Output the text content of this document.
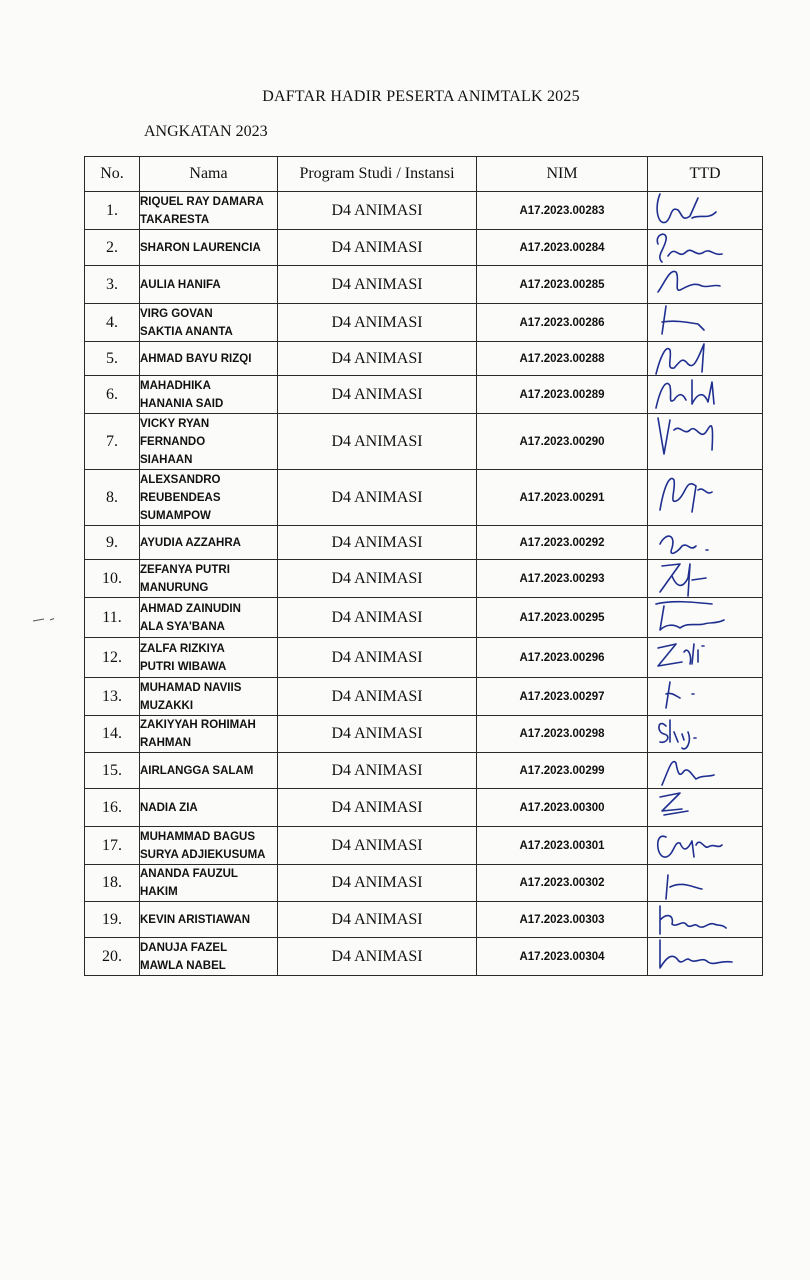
DAFTAR HADIR PESERTA ANIMTALK 2025
ANGKATAN 2023
No.	Nama	Program Studi / Instansi	NIM	TTD
1.	RIQUEL RAY DAMARA
TAKARESTA	D4 ANIMASI	A17.2023.00283	

2.	SHARON LAURENCIA	D4 ANIMASI	A17.2023.00284	

3.	AULIA HANIFA	D4 ANIMASI	A17.2023.00285	

4.	VIRG GOVAN
SAKTIA ANANTA	D4 ANIMASI	A17.2023.00286	

5.	AHMAD BAYU RIZQI	D4 ANIMASI	A17.2023.00288	

6.	MAHADHIKA
HANANIA SAID	D4 ANIMASI	A17.2023.00289	

7.	VICKY RYAN
FERNANDO
SIAHAAN	D4 ANIMASI	A17.2023.00290	

8.	ALEXSANDRO
REUBENDEAS
SUMAMPOW	D4 ANIMASI	A17.2023.00291	

9.	AYUDIA AZZAHRA	D4 ANIMASI	A17.2023.00292	

10.	ZEFANYA PUTRI
MANURUNG	D4 ANIMASI	A17.2023.00293	

11.	AHMAD ZAINUDIN
ALA SYA'BANA	D4 ANIMASI	A17.2023.00295	

12.	ZALFA RIZKIYA
PUTRI WIBAWA	D4 ANIMASI	A17.2023.00296	

13.	MUHAMAD NAVIIS
MUZAKKI	D4 ANIMASI	A17.2023.00297	

14.	ZAKIYYAH ROHIMAH
RAHMAN	D4 ANIMASI	A17.2023.00298	

15.	AIRLANGGA SALAM	D4 ANIMASI	A17.2023.00299	

16.	NADIA ZIA	D4 ANIMASI	A17.2023.00300	

17.	MUHAMMAD BAGUS
SURYA ADJIEKUSUMA	D4 ANIMASI	A17.2023.00301	

18.	ANANDA FAUZUL
HAKIM	D4 ANIMASI	A17.2023.00302	

19.	KEVIN ARISTIAWAN	D4 ANIMASI	A17.2023.00303	

20.	DANUJA FAZEL
MAWLA NABEL	D4 ANIMASI	A17.2023.00304	
